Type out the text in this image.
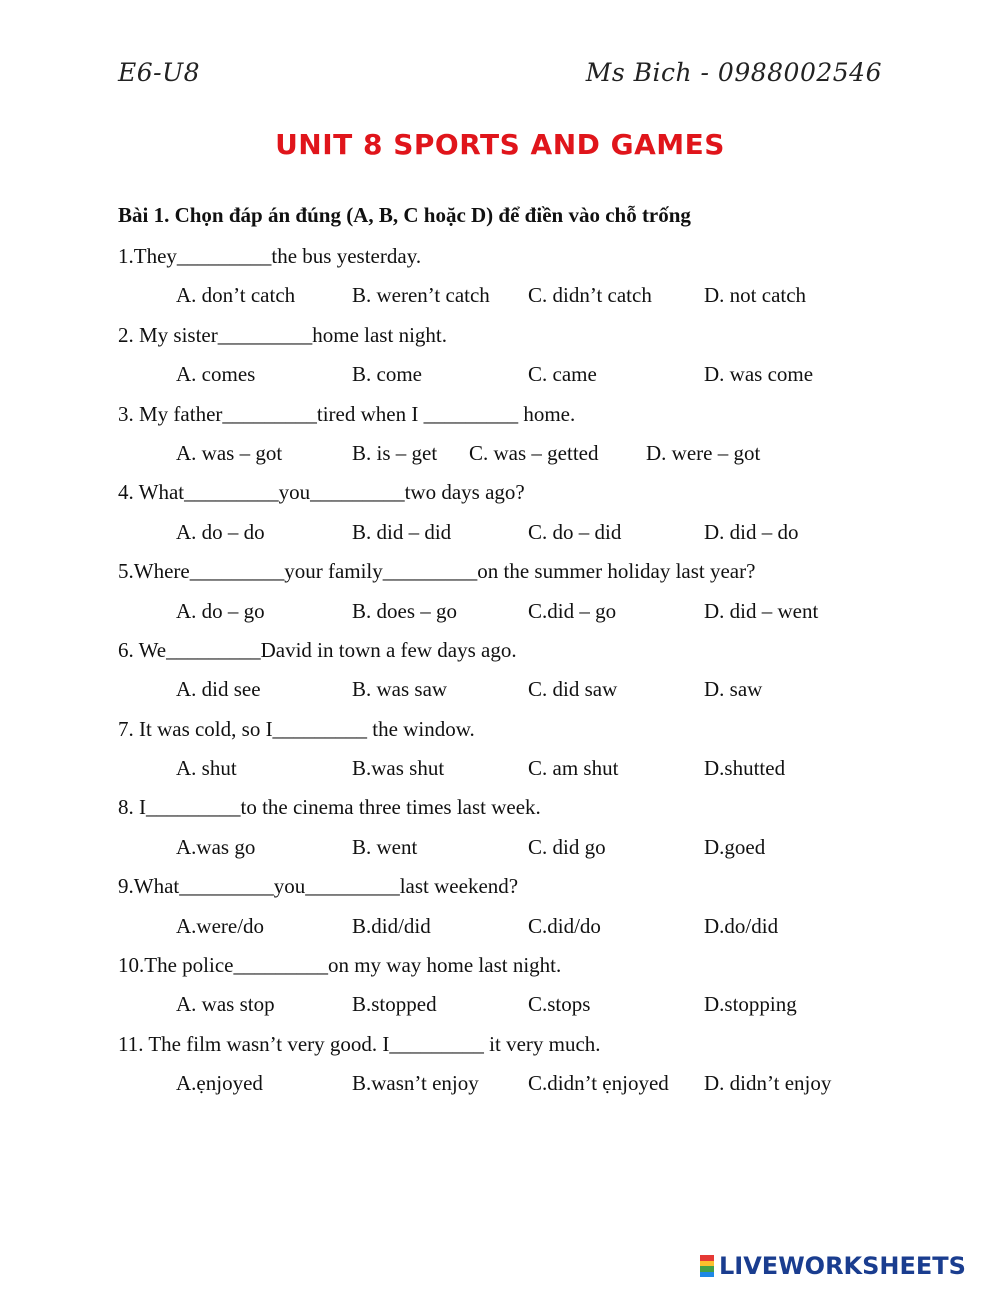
E6-U8	Ms Bich - 0988002546
UNIT 8 SPORTS AND GAMES
Bài 1. Chọn đáp án đúng (A, B, C hoặc D) để điền vào chỗ trống
1.They_________the bus yesterday.
A. don’t catch	B. weren’t catch C. didn’t catch D. not catch
2. My sister_________home last night.
A. comes	B. come	C. came	D. was come
3. My father_________tired when I _________ home.
A. was – got	B. is – get C. was – getted D. were – got
4. What_________you_________two days ago?
A. do – do	B. did – did	C. do – did	D. did – do
5.Where_________your family_________on the summer holiday last year?
A. do – go	B. does – go	C.did – go	D. did – went
6. We_________David in town a few days ago.
A. did see	B. was saw	C. did saw	D. saw
7. It was cold, so I_________ the window.
A. shut	B.was shut	C. am shut	D.shutted
8. I_________to the cinema three times last week.
A.was go	B. went	C. did go	D.goed
9.What_________you_________last weekend?
A.were/do	B.did/did	C.did/do	D.do/did
10.The police_________on my way home last night.
A. was stop	B.stopped	C.stops	D.stopping
11. The film wasn’t very good. I_________ it very much.
A.ẹnjoyed	B.wasn’t enjoy C.didn’t ẹnjoyed D. didn’t enjoy
LIVEWORKSHEETS
